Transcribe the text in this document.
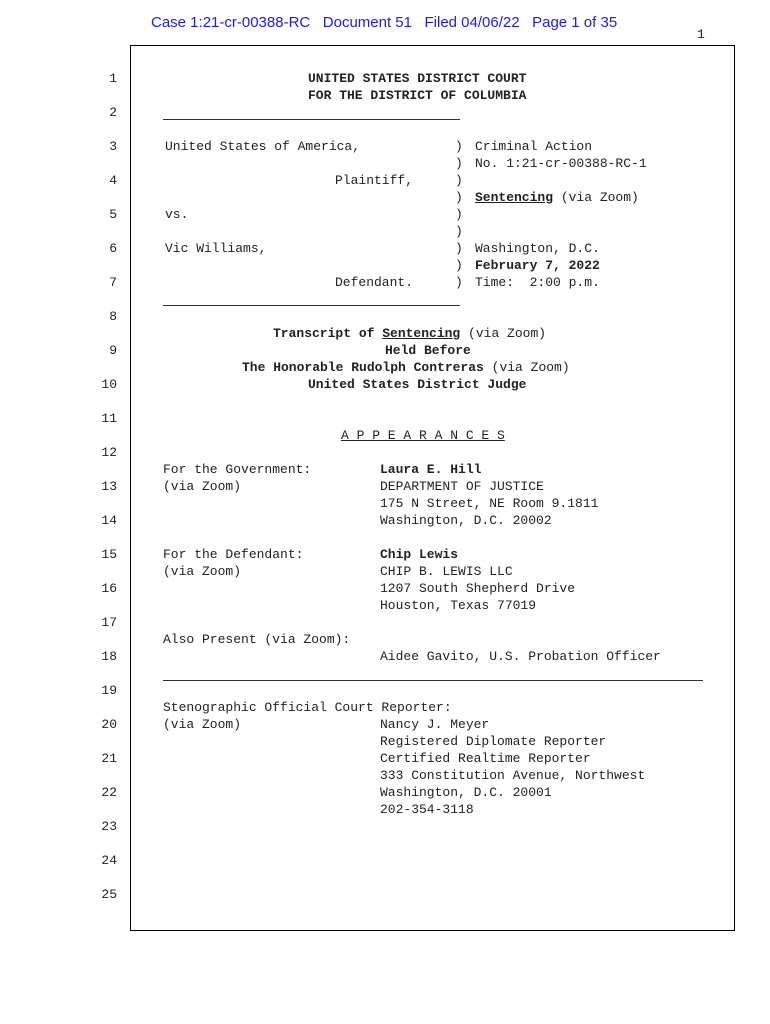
Case 1:21-cr-00388-RC Document 51 Filed 04/06/22 Page 1 of 35
1
1
2
3
4
5
6
7
8
9
10
11
12
13
14
15
16
17
18
19
20
21
22
23
24
25
UNITED STATES DISTRICT COURT
FOR THE DISTRICT OF COLUMBIA
United States of America,
Plaintiff,
vs.
Vic Williams,
Defendant.
)
)
)
)
)
)
)
)
)
Criminal Action
No. 1:21-cr-00388-RC-1
Sentencing (via Zoom)
Washington, D.C.
February 7, 2022
Time:  2:00 p.m.
Transcript of Sentencing (via Zoom)
Held Before
The Honorable Rudolph Contreras (via Zoom)
United States District Judge
A P P E A R A N C E S
For the Government:
(via Zoom)
Laura E. Hill
DEPARTMENT OF JUSTICE
175 N Street, NE Room 9.1811
Washington, D.C. 20002
For the Defendant:
(via Zoom)
Chip Lewis
CHIP B. LEWIS LLC
1207 South Shepherd Drive
Houston, Texas 77019
Also Present (via Zoom):
Aidee Gavito, U.S. Probation Officer
Stenographic Official Court Reporter:
(via Zoom)	Nancy J. Meyer
Registered Diplomate Reporter
Certified Realtime Reporter
333 Constitution Avenue, Northwest
Washington, D.C. 20001
202-354-3118
